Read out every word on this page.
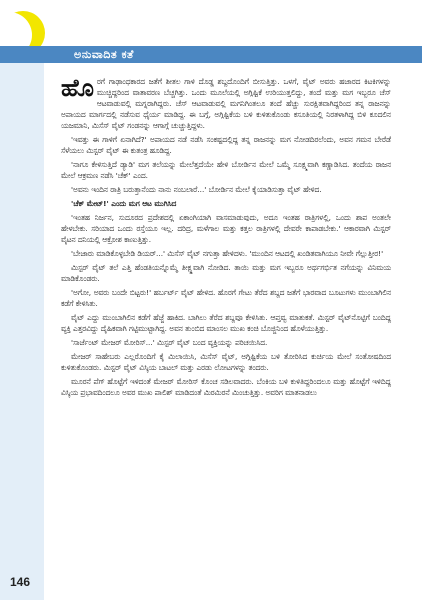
ಅನುವಾದಿತ ಕತೆ
146

ಹೊರಗೆ ಗಾಢಾಂಧಕಾರದ ಜತೆಗೆ ಶೀತಲ ಗಾಳಿ ದೊಡ್ಡ ಶಬ್ದದೊಂದಿಗೆ ಬೀಸುತ್ತಿತ್ತು. ಒಳಗೆ, ವೈಟ್ ಅವರು ಹಜಾರದ ಕಿಟಕಿಗಳನ್ನು ಮುಚ್ಚಿದ್ದರಿಂದ ವಾತಾವರಣ ಬೆಚ್ಚಗಿತ್ತು. ಒಂದು ಮೂಲೆಯಲ್ಲಿ ಅಗ್ಗಿಷ್ಟಿಕೆ ಉರಿಯುತ್ತಲಿದ್ದು, ತಂದೆ ಮತ್ತು ಮಗ ಇಬ್ಬರೂ ಚೆಸ್ ಆಟವಾಡುವಲ್ಲಿ ಮಗ್ನರಾಗಿದ್ದರು. ಚೆಸ್ ಆಟವಾಡುವಲ್ಲಿ ಮಗನಿಗಿಂತಲೂ ತಂದೆ ಹೆಚ್ಚು ಸುರಕ್ಷಿತವಾಗಿದ್ದರಿಂದ ತನ್ನ ರಾಜನನ್ನು ಅಪಾಯದ ಮಾರ್ಗದಲ್ಲಿ ನಡೆಸುವ ಧೈರ್ಯ ಮಾಡಿದ್ದ. ಈ ಬಗ್ಗೆ, ಅಗ್ಗಿಷ್ಟಿಕೆಯ ಬಳಿ ಕುಳಿತುಕೊಂಡು ಕಸೂತಿಯಲ್ಲಿ ನಿರತಳಾಗಿದ್ದ ಬಿಳಿ ಕೂದಲಿನ ಯಜಮಾನಿ, ಮಿಸೆಸ್ ವೈಟ್ ಗಂಡನನ್ನು ಆಗಾಗ್ಗೆ ಚುಚ್ಚುತ್ತಿದ್ದಳು.

'ಇವತ್ತು ಈ ಗಾಳಿಗೆ ಏನಾಗಿದೆ?' ಅಪಾಯದ ನಡೆ ನಡೆಸಿ ಸಂಕಷ್ಟದಲ್ಲಿದ್ದ ತನ್ನ ರಾಜನನ್ನು ಮಗ ನೋಡದಿರಲೆಂದು, ಅವನ ಗಮನ ಬೇರೆಡೆ ಸೆಳೆಯಲು ಮಿಸ್ಟರ್ ವೈಟ್ ಈ ಕುತಂತ್ರ ಹೂಡಿದ್ದ.

'ನಾಗೂ ಕೇಳಿಸುತ್ತಿದೆ ಡ್ಯಾಡಿ' ಮಗ ತಲೆಯನ್ನು ಮೇಲೆತ್ತದೆಯೇ ಹೇಳಿ ಬೋರ್ಡಿನ ಮೇಲೆ ಒಮ್ಮೆ ಸೂಕ್ಷ್ಮವಾಗಿ ಕಣ್ಣಾಡಿಸಿದ. ತಂದೆಯ ರಾಜನ ಮೇಲೆ ಆಕ್ರಮಣ ನಡೆಸಿ 'ಚೆಕ್' ಎಂದ.

'ಅವನು ಇಂದಿನ ರಾತ್ರಿ ಬರುತ್ತಾನೆಂದು ನಾನು ನಂಬಲಾರೆ...' ಬೋರ್ಡಿನ ಮೇಲೆ ಕೈಯಾಡಿಸುತ್ತಾ ವೈಟ್ ಹೇಳಿದ.

'ಚೆಕ್ ಮೇಟ್!' ಎಂದು ಮಗ ಆಟ ಮುಗಿಸಿದ

'ಇಂತಹ ನಿರ್ಜನ, ಸುದೂರದ ಪ್ರದೇಶದಲ್ಲಿ ಏಕಾಂಗಿಯಾಗಿ ವಾಸಮಾಡುವುದು, ಅದೂ ಇಂತಹ ರಾತ್ರಿಗಳಲ್ಲಿ, ಒಂದು ಶಾಪ ಅಂತಲೇ ಹೇಳಬೇಕು. ಸರಿಯಾದ ಒಂದು ರಸ್ತೆಯೂ ಇಲ್ಲ. ದರಿದ್ರ, ಮಳೆಗಾಲ ಮತ್ತು ಕತ್ತಲ ರಾತ್ರಿಗಳಲ್ಲಿ ದೇವರೇ ಕಾಪಾಡಬೇಕು.' ಆಕಾರವಾಗಿ ಮಿಸ್ಟರ್ ವೈಟನ ದನಿಯಲ್ಲಿ ಆಕ್ರೋಶ ಕಾಣುತ್ತಿತ್ತು.

'ಬೇಜಾರು ಮಾಡಿಕೊಳ್ಳಬೇಡಿ ಡಿಯರ್...' ಮಿಸೆಸ್ ವೈಟ್ ನಗುತ್ತಾ ಹೇಳಿದಳು. 'ಮುಂದಿನ ಆಟದಲ್ಲಿ ಖಂಡಿತವಾಗಿಯೂ ನೀವೇ ಗೆಲ್ಲುತ್ತೀರ!'

ಮಿಸ್ಟರ್ ವೈಟ್ ತಲೆ ಎತ್ತಿ ಹೆಂಡತಿಯನ್ನೊಮ್ಮೆ ತೀಕ್ಷ್ಣವಾಗಿ ನೋಡಿದ. ತಾಯಿ ಮತ್ತು ಮಗ ಇಬ್ಬರೂ ಅರ್ಥಗರ್ಭಿತ ನಗೆಯನ್ನು ವಿನಿಮಯ ಮಾಡಿಕೊಂಡರು.

'ಅಗೋ, ಅವರು ಬಂದೇ ಬಿಟ್ಟರು!' ಹರ್ಬರ್ಟ್ ವೈಟ್ ಹೇಳಿದ. ಹೊರಗೆ ಗೇಟು ತೆರೆದ ಶಬ್ದದ ಜತೆಗೆ ಭಾರವಾದ ಬೂಟುಗಳು ಮುಂಬಾಗಿಲಿನ ಕಡೆಗೆ ಕೇಳಿಸಿತು.

ವೈಟ್ ಎದ್ದು ಮುಂಬಾಗಿಲಿನ ಕಡೆಗೆ ಹೆಜ್ಜೆ ಹಾಕಿದ. ಬಾಗಿಲು ತೆರೆದ ಶಬ್ದವೂ ಕೇಳಿಸಿತು. ಆಪ್ತವ್ವ ಮಾತುಕತೆ. ಮಿಸ್ಟರ್ ವೈಟ್‌ನೊಟ್ಟಿಗೆ ಬಂದಿದ್ದ ವ್ಯಕ್ತಿ ಎತ್ತರವಿದ್ದು ದೈಹಿಕವಾಗಿ ಗಟ್ಟಿಮುಟ್ಟಾಗಿದ್ದ. ಅವನ ತುಂಬಿದ ಮಾಂಸಲ ಮುಖ ಕಂಚಿ ಬೊಜ್ಜಿನಿಂದ ಹೊಳೆಯುತ್ತಿತ್ತು.

'ಸಾರ್ಜೆಂಟ್ ಮೇಜರ್ ಮೋರಿಸ್...' ಮಿಸ್ಟರ್ ವೈಟ್ ಬಂದ ವ್ಯಕ್ತಿಯನ್ನು ಪರಿಚಯಿಸಿದ.

ಮೇಜರ್ ಸಾಹೇಬರು ಎಲ್ಲರೊಂದಿಗೆ ಕೈ ಮಿಲಾಯಿಸಿ, ಮಿಸೆಸ್ ವೈಟ್, ಅಗ್ಗಿಷ್ಟಿಕೆಯ ಬಳಿ ತೋರಿಸಿದ ಕುರ್ಚಿಯ ಮೇಲೆ ಸಂತೋಷದಿಂದ ಕುಳಿತುಕೊಂಡರು. ಮಿಸ್ಟರ್ ವೈಟ್ ವಿಸ್ಕಿಯ ಬಾಟಲ್ ಮತ್ತು ಎರಡು ಲೋಟಗಳನ್ನು ತಂದರು.

ಮೂರನೆ ಪೆಗ್ ಹೊಟ್ಟೆಗೆ ಇಳಿದಂತೆ ಮೇಜರ್ ಮೋರಿಸ್ ಕೊಂಚ ಸಡಿಲವಾದರು. ಬೆಂಕಿಯ ಬಳಿ ಕುಳಿತಿದ್ದರಿಂದಲೂ ಮತ್ತು ಹೊಟ್ಟೆಗೆ ಇಳಿದಿದ್ದ ವಿಸ್ಕಿಯ ಪ್ರಭಾವದಿಂದಲೂ ಅವರ ಮುಖ ಪಾಲಿಶ್ ಮಾಡಿದಂತೆ ಮಿರಮಿರನೆ ಮಿಂಚುತ್ತಿತ್ತು. ಅವರಿಗ ಮಾತನಾಡಲು
